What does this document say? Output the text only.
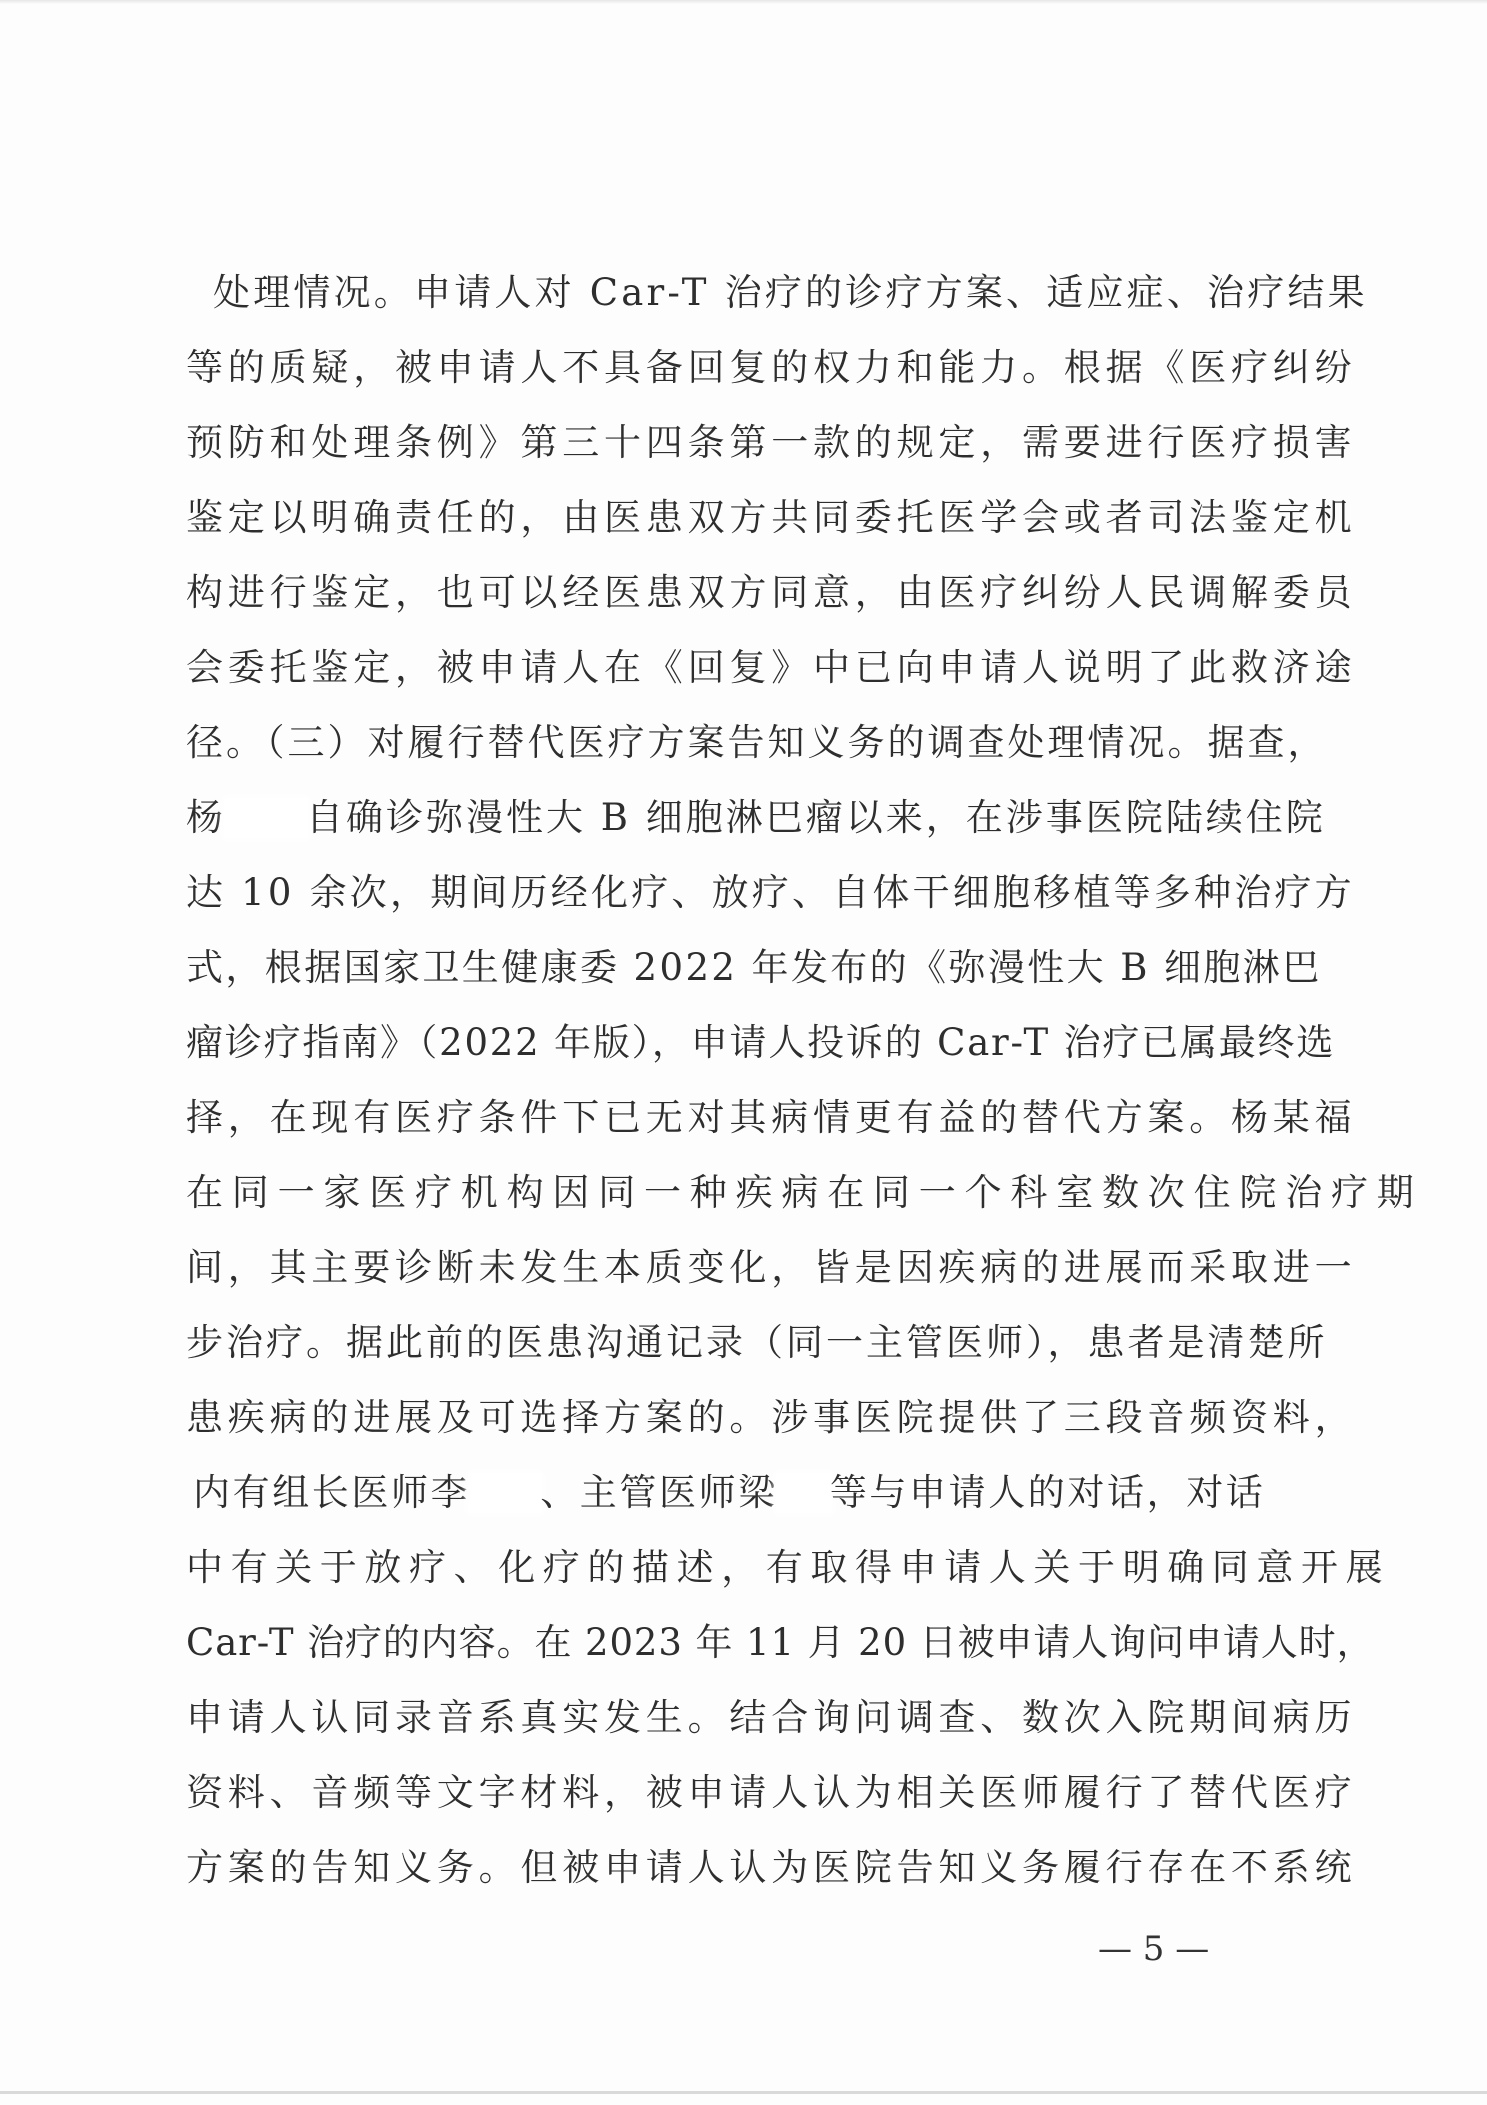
处理情况。申请人对 Car-T 治疗的诊疗方案、适应症、治疗结果
等的质疑，被申请人不具备回复的权力和能力。根据《医疗纠纷
预防和处理条例》第三十四条第一款的规定，需要进行医疗损害
鉴定以明确责任的，由医患双方共同委托医学会或者司法鉴定机
构进行鉴定，也可以经医患双方同意，由医疗纠纷人民调解委员
会委托鉴定，被申请人在《回复》中已向申请人说明了此救济途
径。（三）对履行替代医疗方案告知义务的调查处理情况。据查，
杨 自确诊弥漫性大 B 细胞淋巴瘤以来，在涉事医院陆续住院
达 10 余次，期间历经化疗、放疗、自体干细胞移植等多种治疗方
式，根据国家卫生健康委 2022 年发布的《弥漫性大 B 细胞淋巴
瘤诊疗指南》（2022 年版），申请人投诉的 Car-T 治疗已属最终选
择，在现有医疗条件下已无对其病情更有益的替代方案。杨某福
在同一家医疗机构因同一种疾病在同一个科室数次住院治疗期
间，其主要诊断未发生本质变化，皆是因疾病的进展而采取进一
步治疗。据此前的医患沟通记录（同一主管医师），患者是清楚所
患疾病的进展及可选择方案的。涉事医院提供了三段音频资料，
内有组长医师李 、主管医师梁 等与申请人的对话，对话
中有关于放疗、化疗的描述，有取得申请人关于明确同意开展
Car-T 治疗的内容。在 2023 年 11 月 20 日被申请人询问申请人时，
申请人认同录音系真实发生。结合询问调查、数次入院期间病历
资料、音频等文字材料，被申请人认为相关医师履行了替代医疗
方案的告知义务。但被申请人认为医院告知义务履行存在不系统
— 5 —
